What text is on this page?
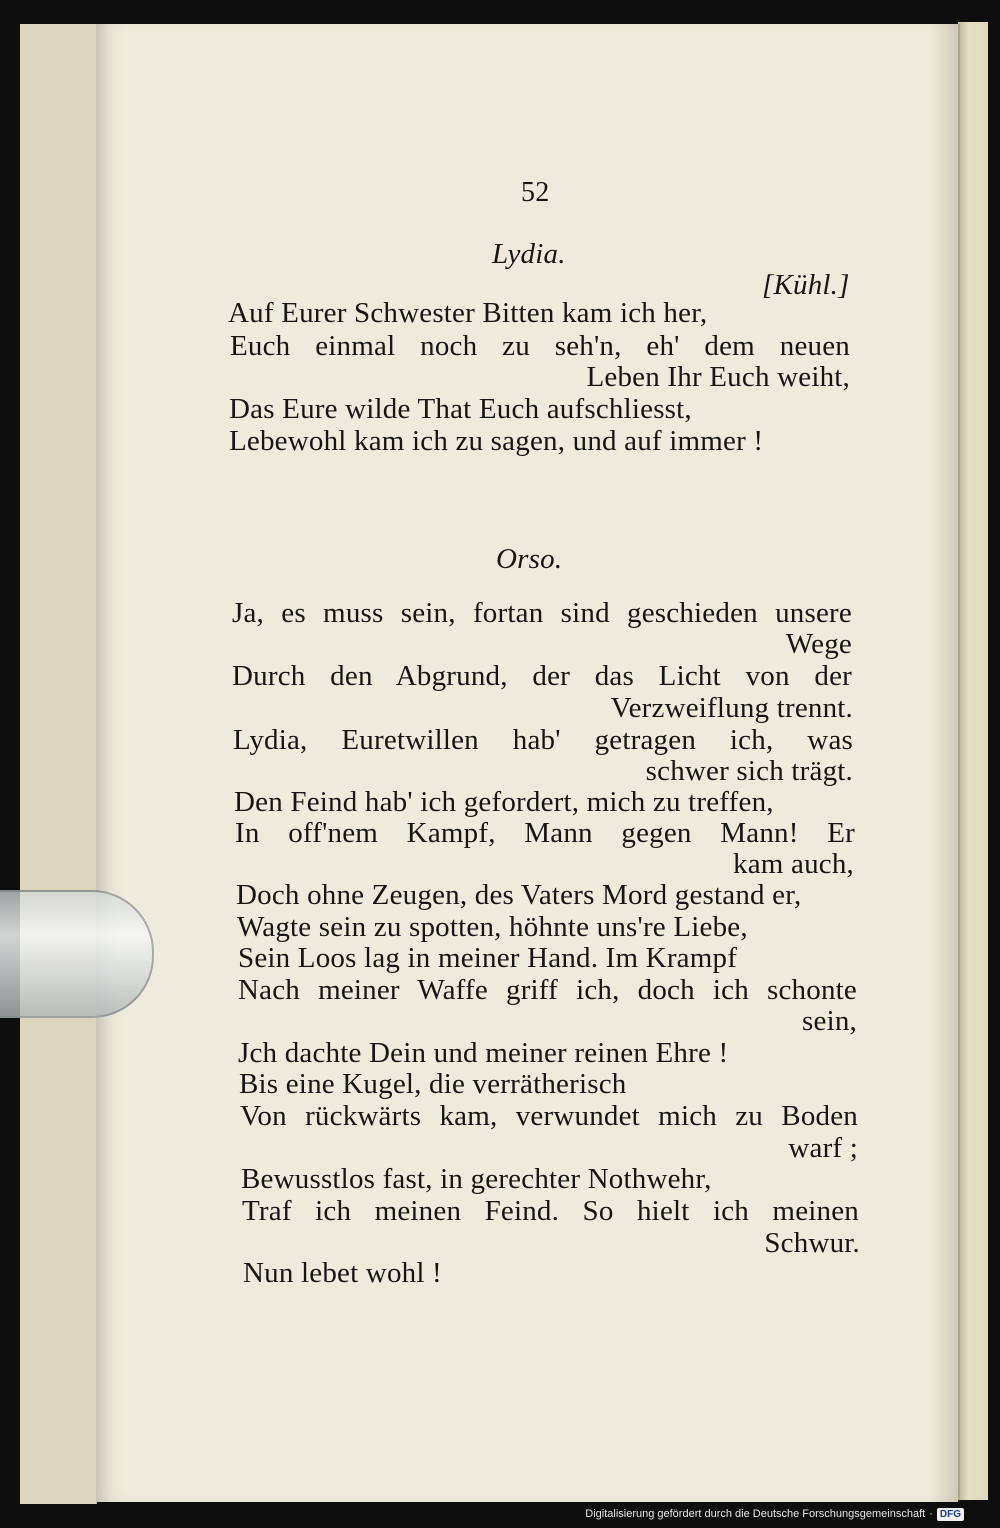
52
Lydia.
[Kühl.]
Auf Eurer Schwester Bitten kam ich her,
Euch einmal noch zu seh'n, eh' dem neuen
Leben Ihr Euch weiht,
Das Eure wilde That Euch aufschliesst,
Lebewohl kam ich zu sagen, und auf immer !
Orso.
Ja, es muss sein, fortan sind geschieden unsere
Wege
Durch den Abgrund, der das Licht von der
Verzweiflung trennt.
Lydia, Euretwillen hab' getragen ich, was
schwer sich trägt.
Den Feind hab' ich gefordert, mich zu treffen,
In off'nem Kampf, Mann gegen Mann! Er
kam auch,
Doch ohne Zeugen, des Vaters Mord gestand er,
Wagte sein zu spotten, höhnte uns're Liebe,
Sein Loos lag in meiner Hand. Im Krampf
Nach meiner Waffe griff ich, doch ich schonte
sein,
Jch dachte Dein und meiner reinen Ehre !
Bis eine Kugel, die verrätherisch
Von rückwärts kam, verwundet mich zu Boden
warf ;
Bewusstlos fast, in gerechter Nothwehr,
Traf ich meinen Feind. So hielt ich meinen
Schwur.
Nun lebet wohl !
Digitalisierung gefördert durch die Deutsche Forschungsgemeinschaft · DFG
